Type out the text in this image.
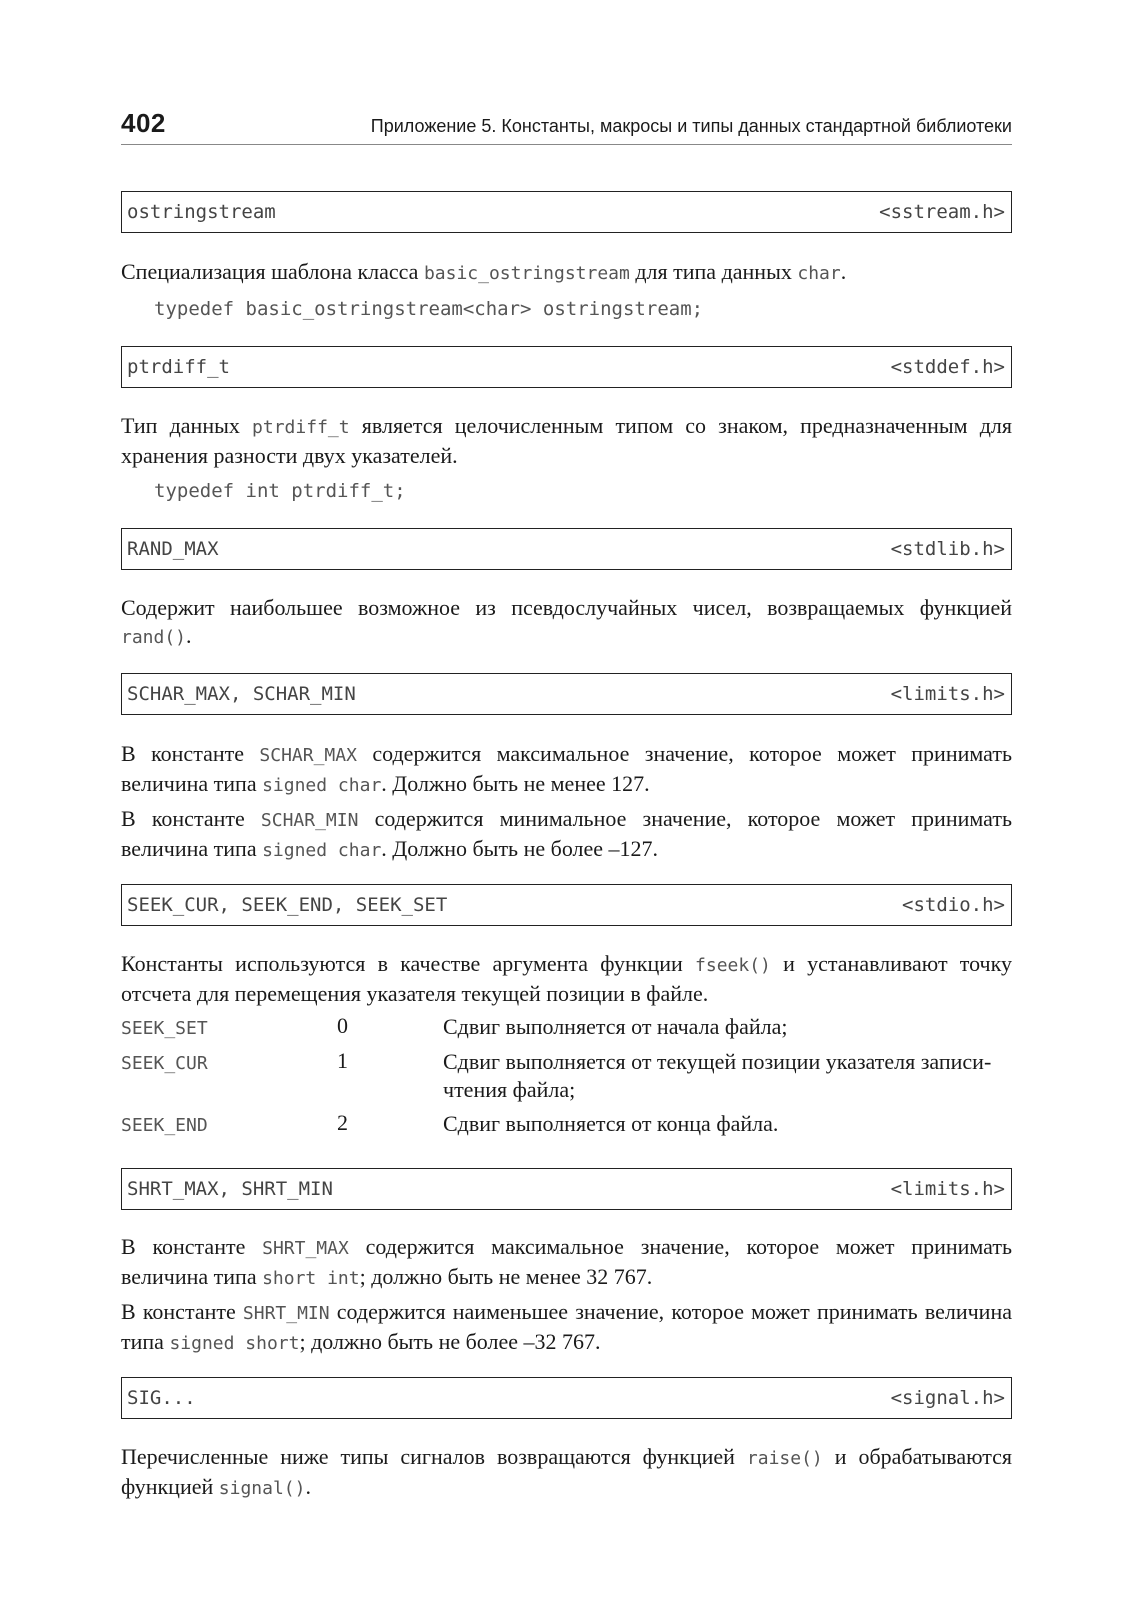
402	Приложение 5. Константы, макросы и типы данных стандартной библиотеки
ostringstream	<sstream.h>
Специализация шаблона класса basic_ostringstream для типа данных char.
typedef basic_ostringstream<char> ostringstream;
ptrdiff_t	<stddef.h>
Тип данных ptrdiff_t является целочисленным типом со знаком, предназначенным для хранения разности двух указателей.
typedef int ptrdiff_t;
RAND_MAX	<stdlib.h>
Содержит наибольшее возможное из псевдослучайных чисел, возвращаемых функцией rand().
SCHAR_MAX, SCHAR_MIN	<limits.h>
В константе SCHAR_MAX содержится максимальное значение, которое может принимать величина типа signed char. Должно быть не менее 127.
В константе SCHAR_MIN содержится минимальное значение, которое может принимать величина типа signed char. Должно быть не более –127.
SEEK_CUR, SEEK_END, SEEK_SET	<stdio.h>
Константы используются в качестве аргумента функции fseek() и устанавливают точку отсчета для перемещения указателя текущей позиции в файле.
SEEK_SET	0	Сдвиг выполняется от начала файла;
SEEK_CUR	1	Сдвиг выполняется от текущей позиции указателя записи-чтения файла;
SEEK_END	2	Сдвиг выполняется от конца файла.
SHRT_MAX, SHRT_MIN	<limits.h>
В константе SHRT_MAX содержится максимальное значение, которое может принимать величина типа short int; должно быть не менее 32 767.
В константе SHRT_MIN содержится наименьшее значение, которое может принимать величина типа signed short; должно быть не более –32 767.
SIG...	<signal.h>
Перечисленные ниже типы сигналов возвращаются функцией raise() и обрабатываются функцией signal().
